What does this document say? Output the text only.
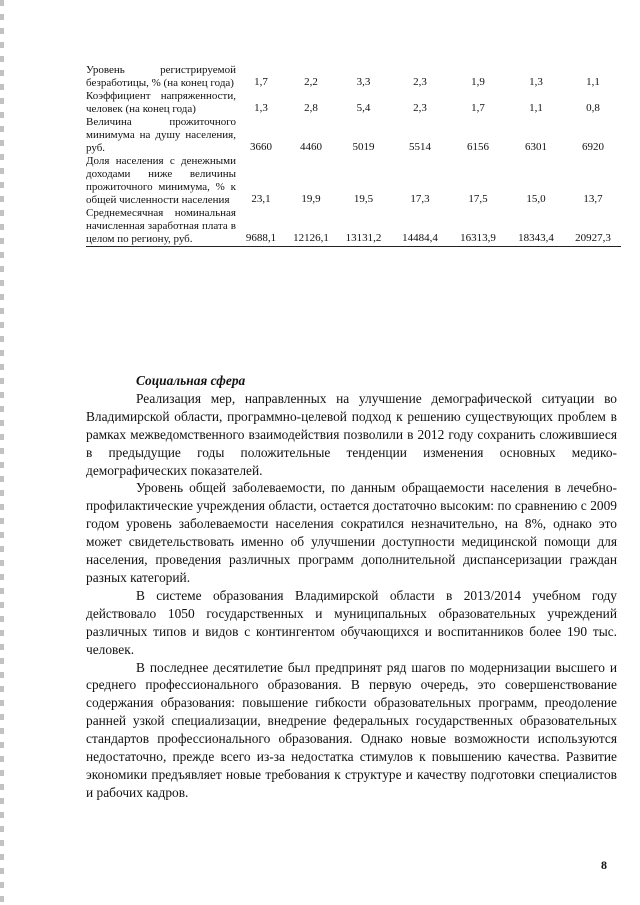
Уровень регистрируемой безработицы, % (на конец года)	1,7	2,2	3,3	2,3	1,9	1,3	1,1
Коэффициент напряженности, человек (на конец года)	1,3	2,8	5,4	2,3	1,7	1,1	0,8
Величина прожиточного минимума на душу населения, руб.	3660	4460	5019	5514	6156	6301	6920
Доля населения с денежными доходами ниже величины прожиточного минимума, % к общей численности населения	23,1	19,9	19,5	17,3	17,5	15,0	13,7
Среднемесячная номинальная начисленная заработная плата в целом по региону, руб.	9688,1	12126,1	13131,2	14484,4	16313,9	18343,4	20927,3
Социальная сфера

Реализация мер, направленных на улучшение демографической ситуации во Владимирской области, программно-целевой подход к решению существующих проблем в рамках межведомственного взаимодействия позволили в 2012 году сохранить сложившиеся в предыдущие годы положительные тенденции изменения основных медико-демографических показателей.

Уровень общей заболеваемости, по данным обращаемости населения в лечебно-профилактические учреждения области, остается достаточно высоким: по сравнению с 2009 годом уровень заболеваемости населения сократился незначительно, на 8%, однако это может свидетельствовать именно об улучшении доступности медицинской помощи для населения, проведения различных программ дополнительной диспансеризации граждан разных категорий.

В системе образования Владимирской области в 2013/2014 учебном году действовало 1050 государственных и муниципальных образовательных учреждений различных типов и видов с контингентом обучающихся и воспитанников более 190 тыс. человек.

В последнее десятилетие был предпринят ряд шагов по модернизации высшего и среднего профессионального образования. В первую очередь, это совершенствование содержания образования: повышение гибкости образовательных программ, преодоление ранней узкой специализации, внедрение федеральных государственных образовательных стандартов профессионального образования. Однако новые возможности используются недостаточно, прежде всего из-за недостатка стимулов к повышению качества. Развитие экономики предъявляет новые требования к структуре и качеству подготовки специалистов и рабочих кадров.

8
